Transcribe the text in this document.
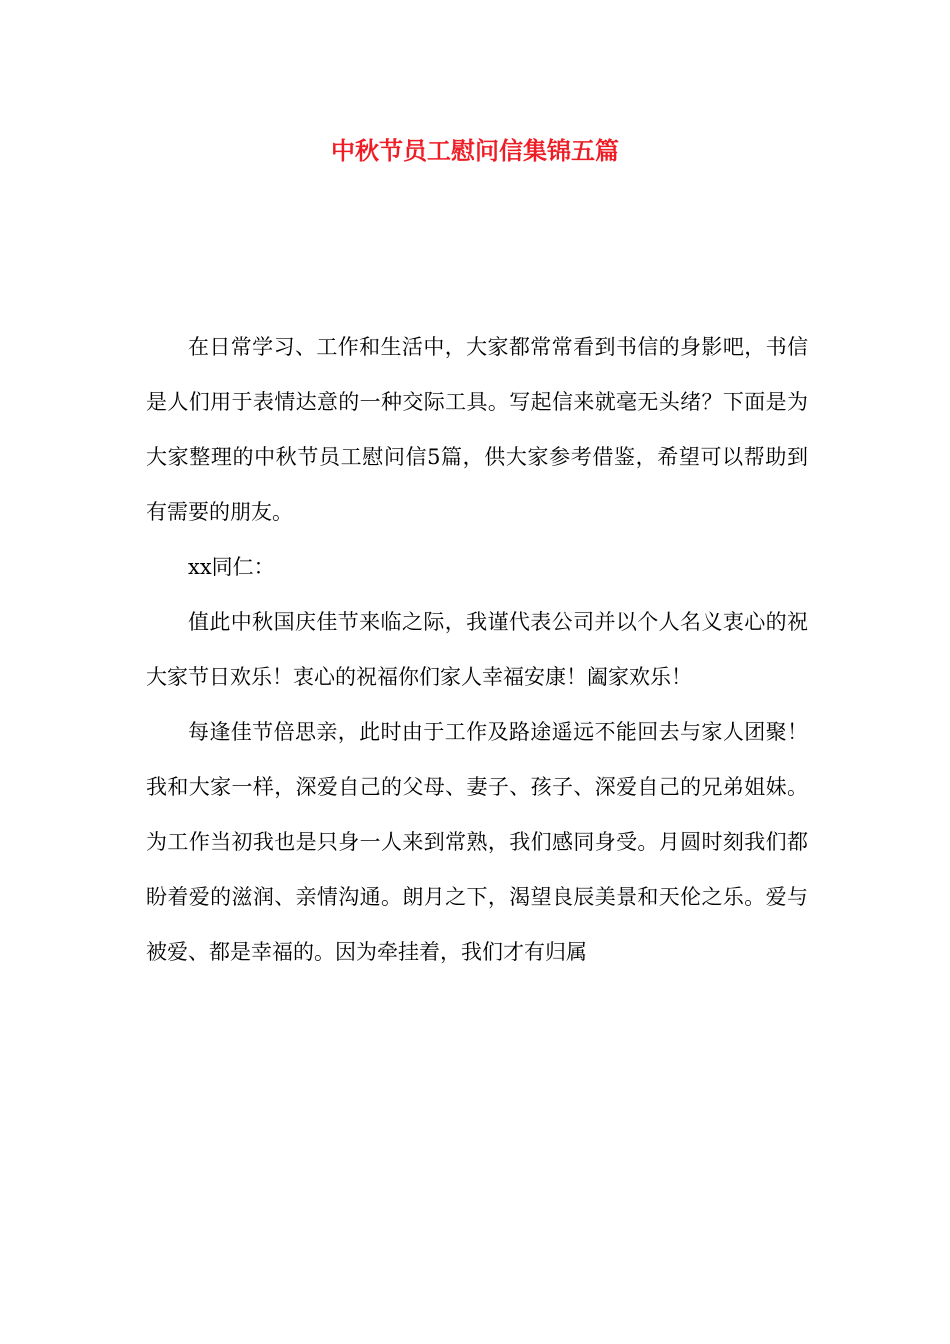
中秋节员工慰问信集锦五篇

在日常学习、工作和生活中，大家都常常看到书信的身影吧，书信是人们用于表情达意的一种交际工具。写起信来就毫无头绪？下面是为大家整理的中秋节员工慰问信5篇，供大家参考借鉴，希望可以帮助到有需要的朋友。

xx同仁：

值此中秋国庆佳节来临之际，我谨代表公司并以个人名义衷心的祝大家节日欢乐！衷心的祝福你们家人幸福安康！阖家欢乐！

每逢佳节倍思亲，此时由于工作及路途遥远不能回去与家人团聚！我和大家一样，深爱自己的父母、妻子、孩子、深爱自己的兄弟姐妹。为工作当初我也是只身一人来到常熟，我们感同身受。月圆时刻我们都盼着爱的滋润、亲情沟通。朗月之下，渴望良辰美景和天伦之乐。爱与被爱、都是幸福的。因为牵挂着，我们才有归属
